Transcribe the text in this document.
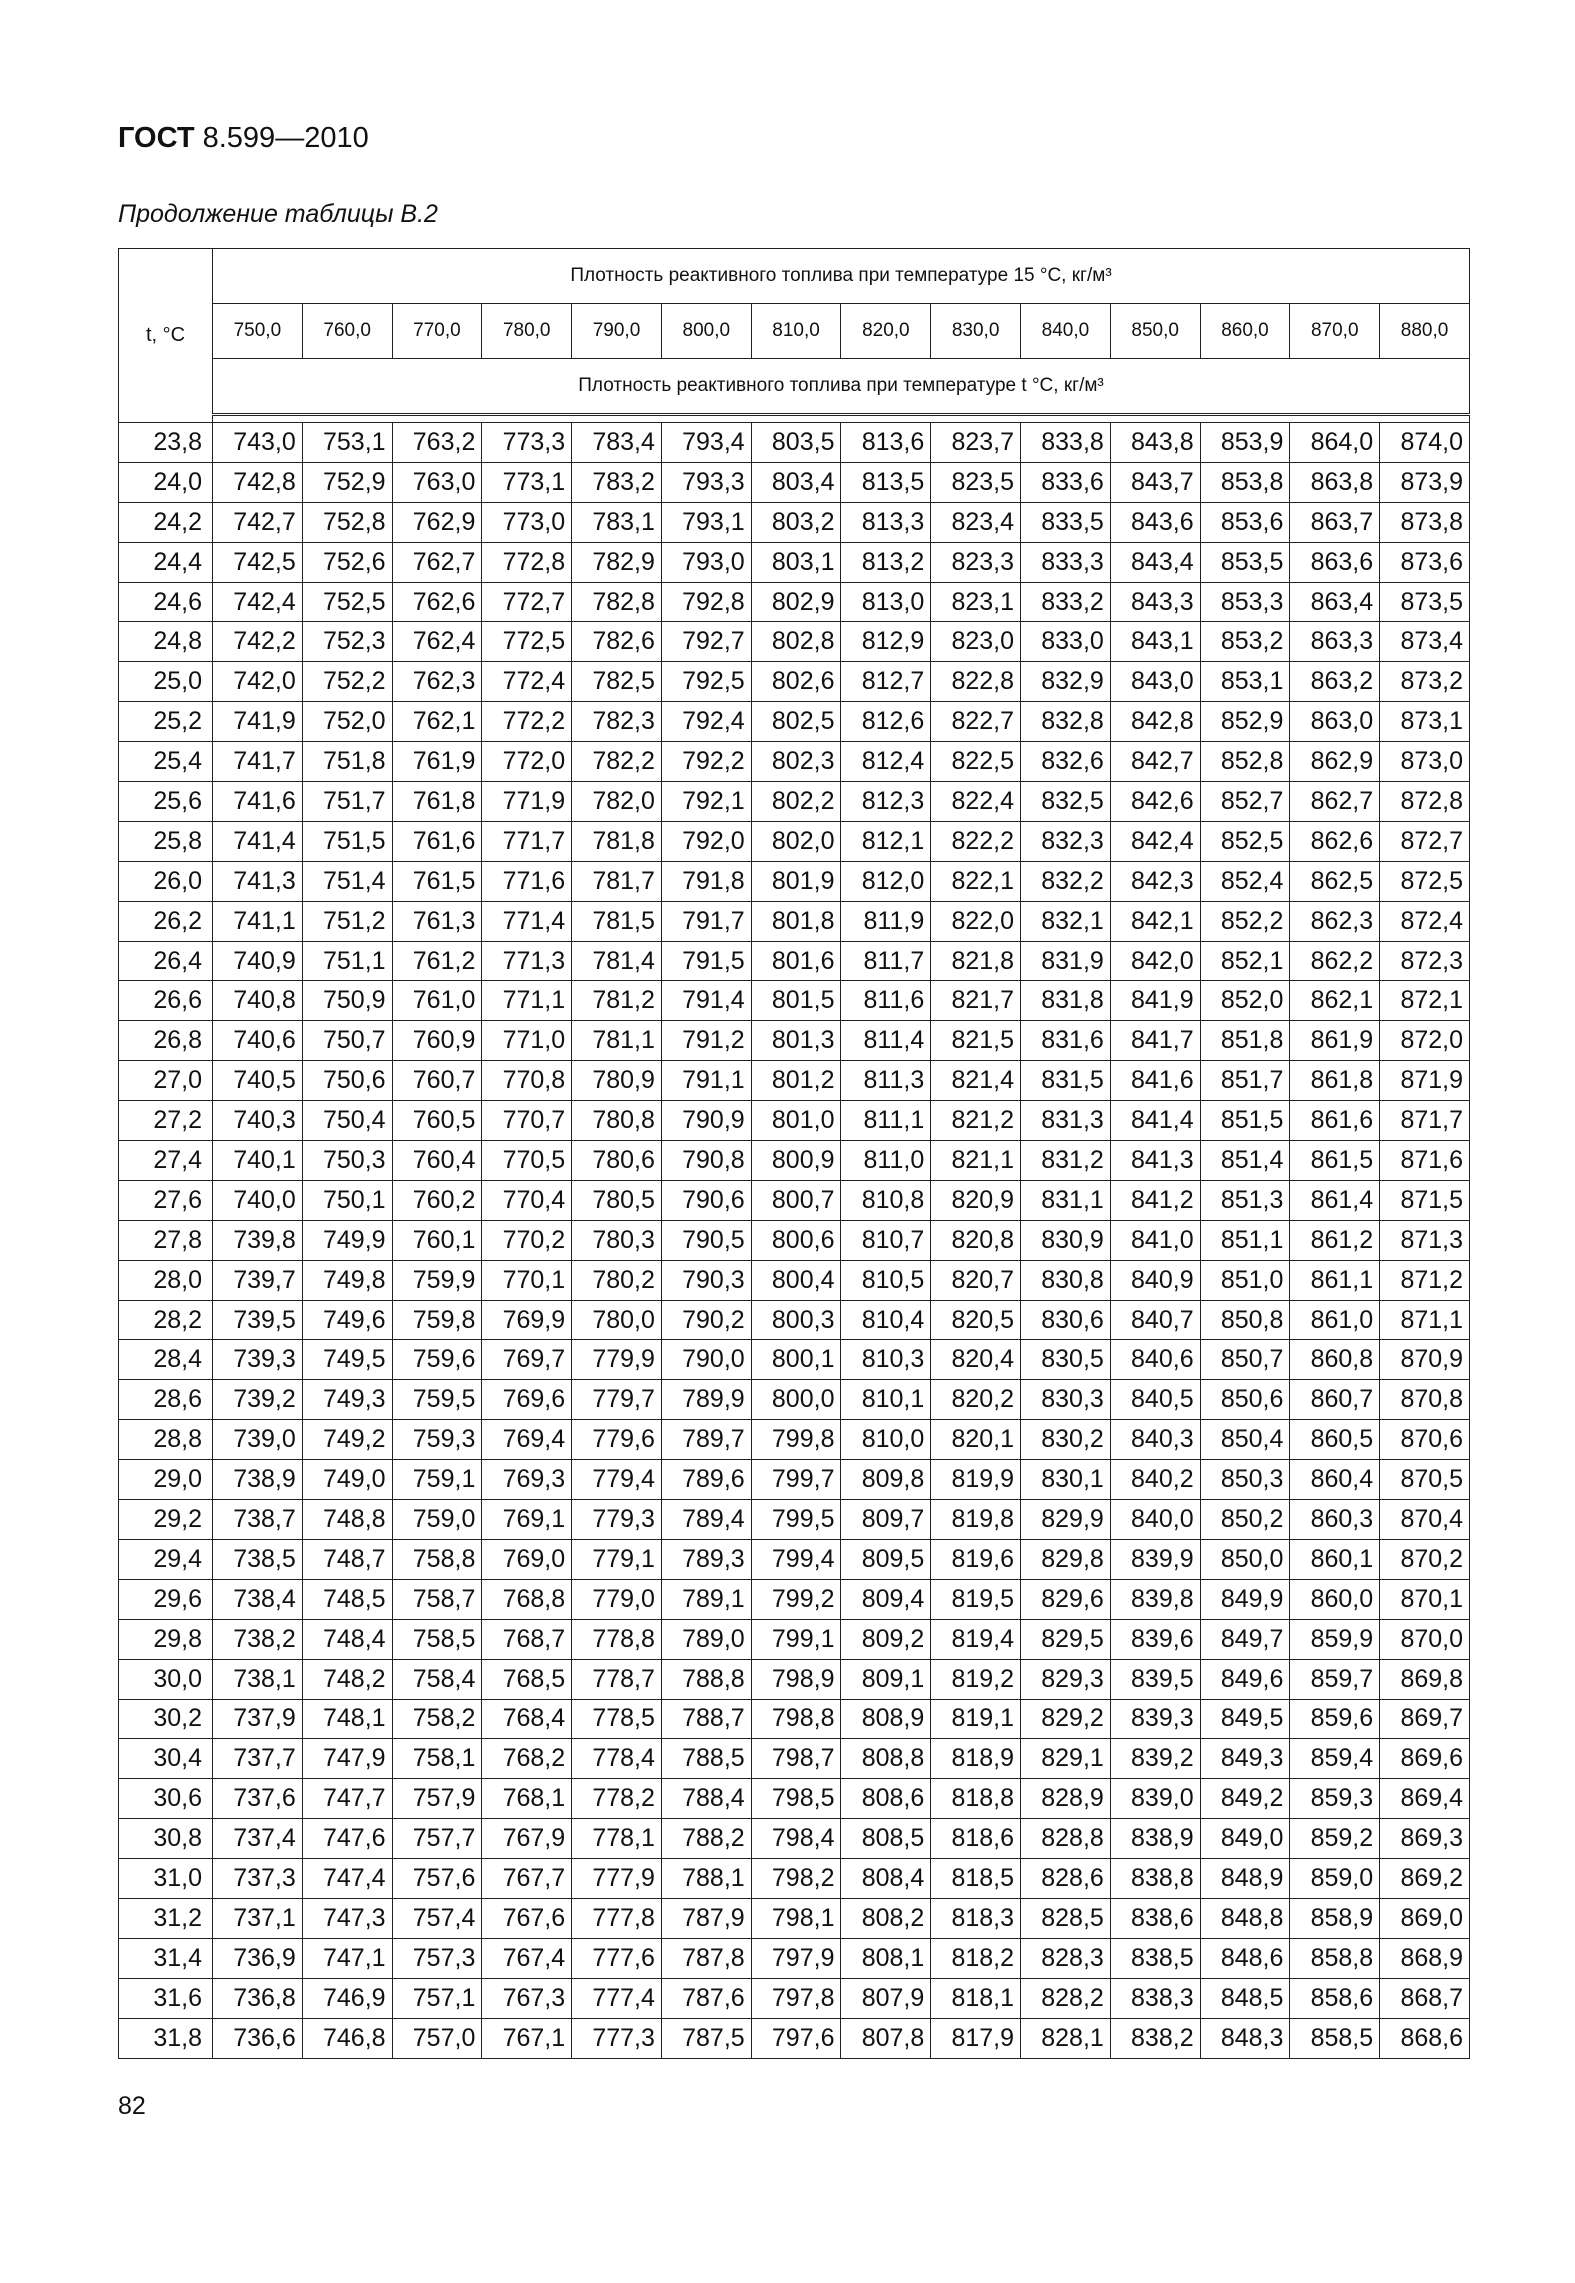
ГОСТ 8.599—2010
Продолжение таблицы В.2
t, °С	Плотность реактивного топлива при температуре 15 °С, кг/м³													
	750,0	760,0	770,0	780,0	790,0	800,0	810,0	820,0	830,0	840,0	850,0	860,0	870,0	880,0
	Плотность реактивного топлива при температуре t °С, кг/м³													

23,8	743,0	753,1	763,2	773,3	783,4	793,4	803,5	813,6	823,7	833,8	843,8	853,9	864,0	874,0
24,0	742,8	752,9	763,0	773,1	783,2	793,3	803,4	813,5	823,5	833,6	843,7	853,8	863,8	873,9
24,2	742,7	752,8	762,9	773,0	783,1	793,1	803,2	813,3	823,4	833,5	843,6	853,6	863,7	873,8
24,4	742,5	752,6	762,7	772,8	782,9	793,0	803,1	813,2	823,3	833,3	843,4	853,5	863,6	873,6
24,6	742,4	752,5	762,6	772,7	782,8	792,8	802,9	813,0	823,1	833,2	843,3	853,3	863,4	873,5
24,8	742,2	752,3	762,4	772,5	782,6	792,7	802,8	812,9	823,0	833,0	843,1	853,2	863,3	873,4
25,0	742,0	752,2	762,3	772,4	782,5	792,5	802,6	812,7	822,8	832,9	843,0	853,1	863,2	873,2
25,2	741,9	752,0	762,1	772,2	782,3	792,4	802,5	812,6	822,7	832,8	842,8	852,9	863,0	873,1
25,4	741,7	751,8	761,9	772,0	782,2	792,2	802,3	812,4	822,5	832,6	842,7	852,8	862,9	873,0
25,6	741,6	751,7	761,8	771,9	782,0	792,1	802,2	812,3	822,4	832,5	842,6	852,7	862,7	872,8
25,8	741,4	751,5	761,6	771,7	781,8	792,0	802,0	812,1	822,2	832,3	842,4	852,5	862,6	872,7
26,0	741,3	751,4	761,5	771,6	781,7	791,8	801,9	812,0	822,1	832,2	842,3	852,4	862,5	872,5
26,2	741,1	751,2	761,3	771,4	781,5	791,7	801,8	811,9	822,0	832,1	842,1	852,2	862,3	872,4
26,4	740,9	751,1	761,2	771,3	781,4	791,5	801,6	811,7	821,8	831,9	842,0	852,1	862,2	872,3
26,6	740,8	750,9	761,0	771,1	781,2	791,4	801,5	811,6	821,7	831,8	841,9	852,0	862,1	872,1
26,8	740,6	750,7	760,9	771,0	781,1	791,2	801,3	811,4	821,5	831,6	841,7	851,8	861,9	872,0
27,0	740,5	750,6	760,7	770,8	780,9	791,1	801,2	811,3	821,4	831,5	841,6	851,7	861,8	871,9
27,2	740,3	750,4	760,5	770,7	780,8	790,9	801,0	811,1	821,2	831,3	841,4	851,5	861,6	871,7
27,4	740,1	750,3	760,4	770,5	780,6	790,8	800,9	811,0	821,1	831,2	841,3	851,4	861,5	871,6
27,6	740,0	750,1	760,2	770,4	780,5	790,6	800,7	810,8	820,9	831,1	841,2	851,3	861,4	871,5
27,8	739,8	749,9	760,1	770,2	780,3	790,5	800,6	810,7	820,8	830,9	841,0	851,1	861,2	871,3
28,0	739,7	749,8	759,9	770,1	780,2	790,3	800,4	810,5	820,7	830,8	840,9	851,0	861,1	871,2
28,2	739,5	749,6	759,8	769,9	780,0	790,2	800,3	810,4	820,5	830,6	840,7	850,8	861,0	871,1
28,4	739,3	749,5	759,6	769,7	779,9	790,0	800,1	810,3	820,4	830,5	840,6	850,7	860,8	870,9
28,6	739,2	749,3	759,5	769,6	779,7	789,9	800,0	810,1	820,2	830,3	840,5	850,6	860,7	870,8
28,8	739,0	749,2	759,3	769,4	779,6	789,7	799,8	810,0	820,1	830,2	840,3	850,4	860,5	870,6
29,0	738,9	749,0	759,1	769,3	779,4	789,6	799,7	809,8	819,9	830,1	840,2	850,3	860,4	870,5
29,2	738,7	748,8	759,0	769,1	779,3	789,4	799,5	809,7	819,8	829,9	840,0	850,2	860,3	870,4
29,4	738,5	748,7	758,8	769,0	779,1	789,3	799,4	809,5	819,6	829,8	839,9	850,0	860,1	870,2
29,6	738,4	748,5	758,7	768,8	779,0	789,1	799,2	809,4	819,5	829,6	839,8	849,9	860,0	870,1
29,8	738,2	748,4	758,5	768,7	778,8	789,0	799,1	809,2	819,4	829,5	839,6	849,7	859,9	870,0
30,0	738,1	748,2	758,4	768,5	778,7	788,8	798,9	809,1	819,2	829,3	839,5	849,6	859,7	869,8
30,2	737,9	748,1	758,2	768,4	778,5	788,7	798,8	808,9	819,1	829,2	839,3	849,5	859,6	869,7
30,4	737,7	747,9	758,1	768,2	778,4	788,5	798,7	808,8	818,9	829,1	839,2	849,3	859,4	869,6
30,6	737,6	747,7	757,9	768,1	778,2	788,4	798,5	808,6	818,8	828,9	839,0	849,2	859,3	869,4
30,8	737,4	747,6	757,7	767,9	778,1	788,2	798,4	808,5	818,6	828,8	838,9	849,0	859,2	869,3
31,0	737,3	747,4	757,6	767,7	777,9	788,1	798,2	808,4	818,5	828,6	838,8	848,9	859,0	869,2
31,2	737,1	747,3	757,4	767,6	777,8	787,9	798,1	808,2	818,3	828,5	838,6	848,8	858,9	869,0
31,4	736,9	747,1	757,3	767,4	777,6	787,8	797,9	808,1	818,2	828,3	838,5	848,6	858,8	868,9
31,6	736,8	746,9	757,1	767,3	777,4	787,6	797,8	807,9	818,1	828,2	838,3	848,5	858,6	868,7
31,8	736,6	746,8	757,0	767,1	777,3	787,5	797,6	807,8	817,9	828,1	838,2	848,3	858,5	868,6
82
